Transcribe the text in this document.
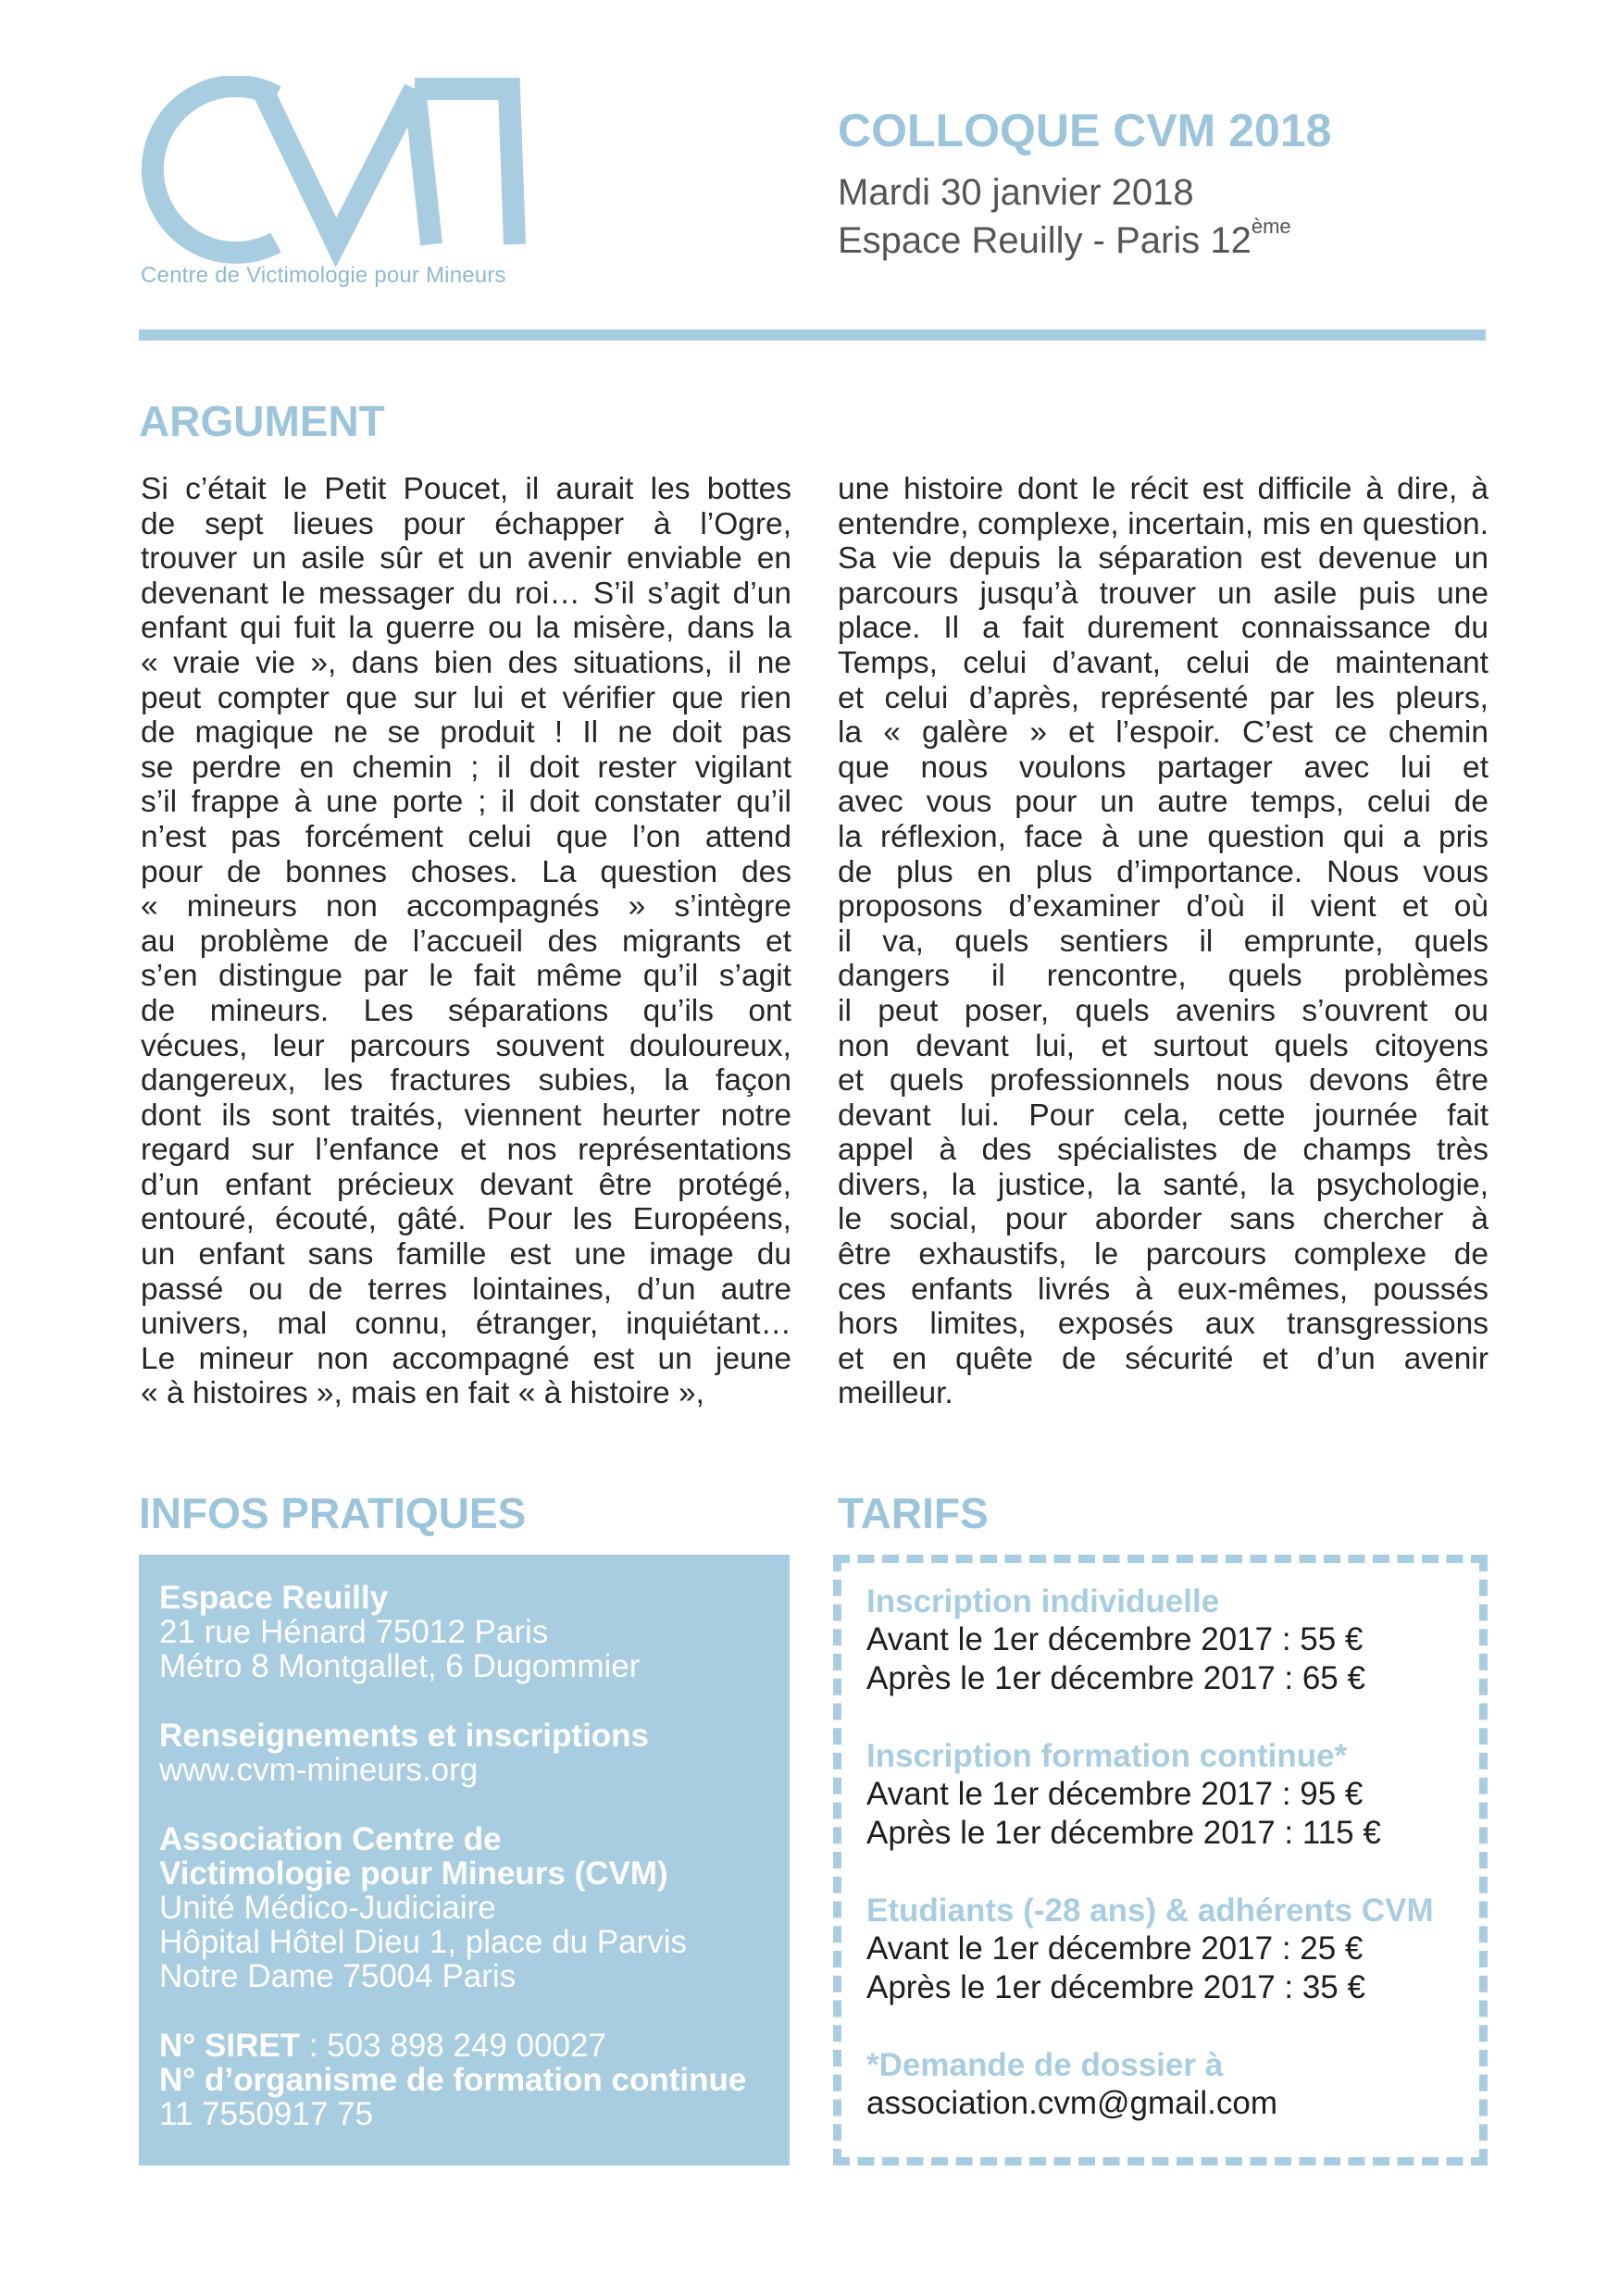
Centre de Victimologie pour Mineurs
COLLOQUE CVM 2018
Mardi 30 janvier 2018
Espace Reuilly - Paris 12ème
ARGUMENT
Si c’était le Petit Poucet, il aurait les bottes
de sept lieues pour échapper à l’Ogre,
trouver un asile sûr et un avenir enviable en
devenant le messager du roi… S’il s’agit d’un
enfant qui fuit la guerre ou la misère, dans la
« vraie vie », dans bien des situations, il ne
peut compter que sur lui et vérifier que rien
de magique ne se produit ! Il ne doit pas
se perdre en chemin ; il doit rester vigilant
s’il frappe à une porte ; il doit constater qu’il
n’est pas forcément celui que l’on attend
pour de bonnes choses. La question des
« mineurs non accompagnés » s’intègre
au problème de l’accueil des migrants et
s’en distingue par le fait même qu’il s’agit
de mineurs. Les séparations qu’ils ont
vécues, leur parcours souvent douloureux,
dangereux, les fractures subies, la façon
dont ils sont traités, viennent heurter notre
regard sur l’enfance et nos représentations
d’un enfant précieux devant être protégé,
entouré, écouté, gâté. Pour les Européens,
un enfant sans famille est une image du
passé ou de terres lointaines, d’un autre
univers, mal connu, étranger, inquiétant…
Le mineur non accompagné est un jeune
« à histoires », mais en fait « à histoire »,
une histoire dont le récit est difficile à dire, à
entendre, complexe, incertain, mis en question.
Sa vie depuis la séparation est devenue un
parcours jusqu’à trouver un asile puis une
place. Il a fait durement connaissance du
Temps, celui d’avant, celui de maintenant
et celui d’après, représenté par les pleurs,
la « galère » et l’espoir. C’est ce chemin
que nous voulons partager avec lui et
avec vous pour un autre temps, celui de
la réflexion, face à une question qui a pris
de plus en plus d’importance. Nous vous
proposons d’examiner d’où il vient et où
il va, quels sentiers il emprunte, quels
dangers il rencontre, quels problèmes
il peut poser, quels avenirs s’ouvrent ou
non devant lui, et surtout quels citoyens
et quels professionnels nous devons être
devant lui. Pour cela, cette journée fait
appel à des spécialistes de champs très
divers, la justice, la santé, la psychologie,
le social, pour aborder sans chercher à
être exhaustifs, le parcours complexe de
ces enfants livrés à eux-mêmes, poussés
hors limites, exposés aux transgressions
et en quête de sécurité et d’un avenir
meilleur.
INFOS PRATIQUES
Espace Reuilly
21 rue Hénard 75012 Paris
Métro 8 Montgallet, 6 Dugommier
Renseignements et inscriptions
www.cvm-mineurs.org
Association Centre de
Victimologie pour Mineurs (CVM)
Unité Médico-Judiciaire
Hôpital Hôtel Dieu 1, place du Parvis
Notre Dame 75004 Paris
N° SIRET : 503 898 249 00027
N° d’organisme de formation continue
11 7550917 75
TARIFS
Inscription individuelle
Avant le 1er décembre 2017 : 55 €
Après le 1er décembre 2017 : 65 €
Inscription formation continue*
Avant le 1er décembre 2017 : 95 €
Après le 1er décembre 2017 : 115 €
Etudiants (-28 ans) & adhérents CVM
Avant le 1er décembre 2017 : 25 €
Après le 1er décembre 2017 : 35 €
*Demande de dossier à
association.cvm@gmail.com
